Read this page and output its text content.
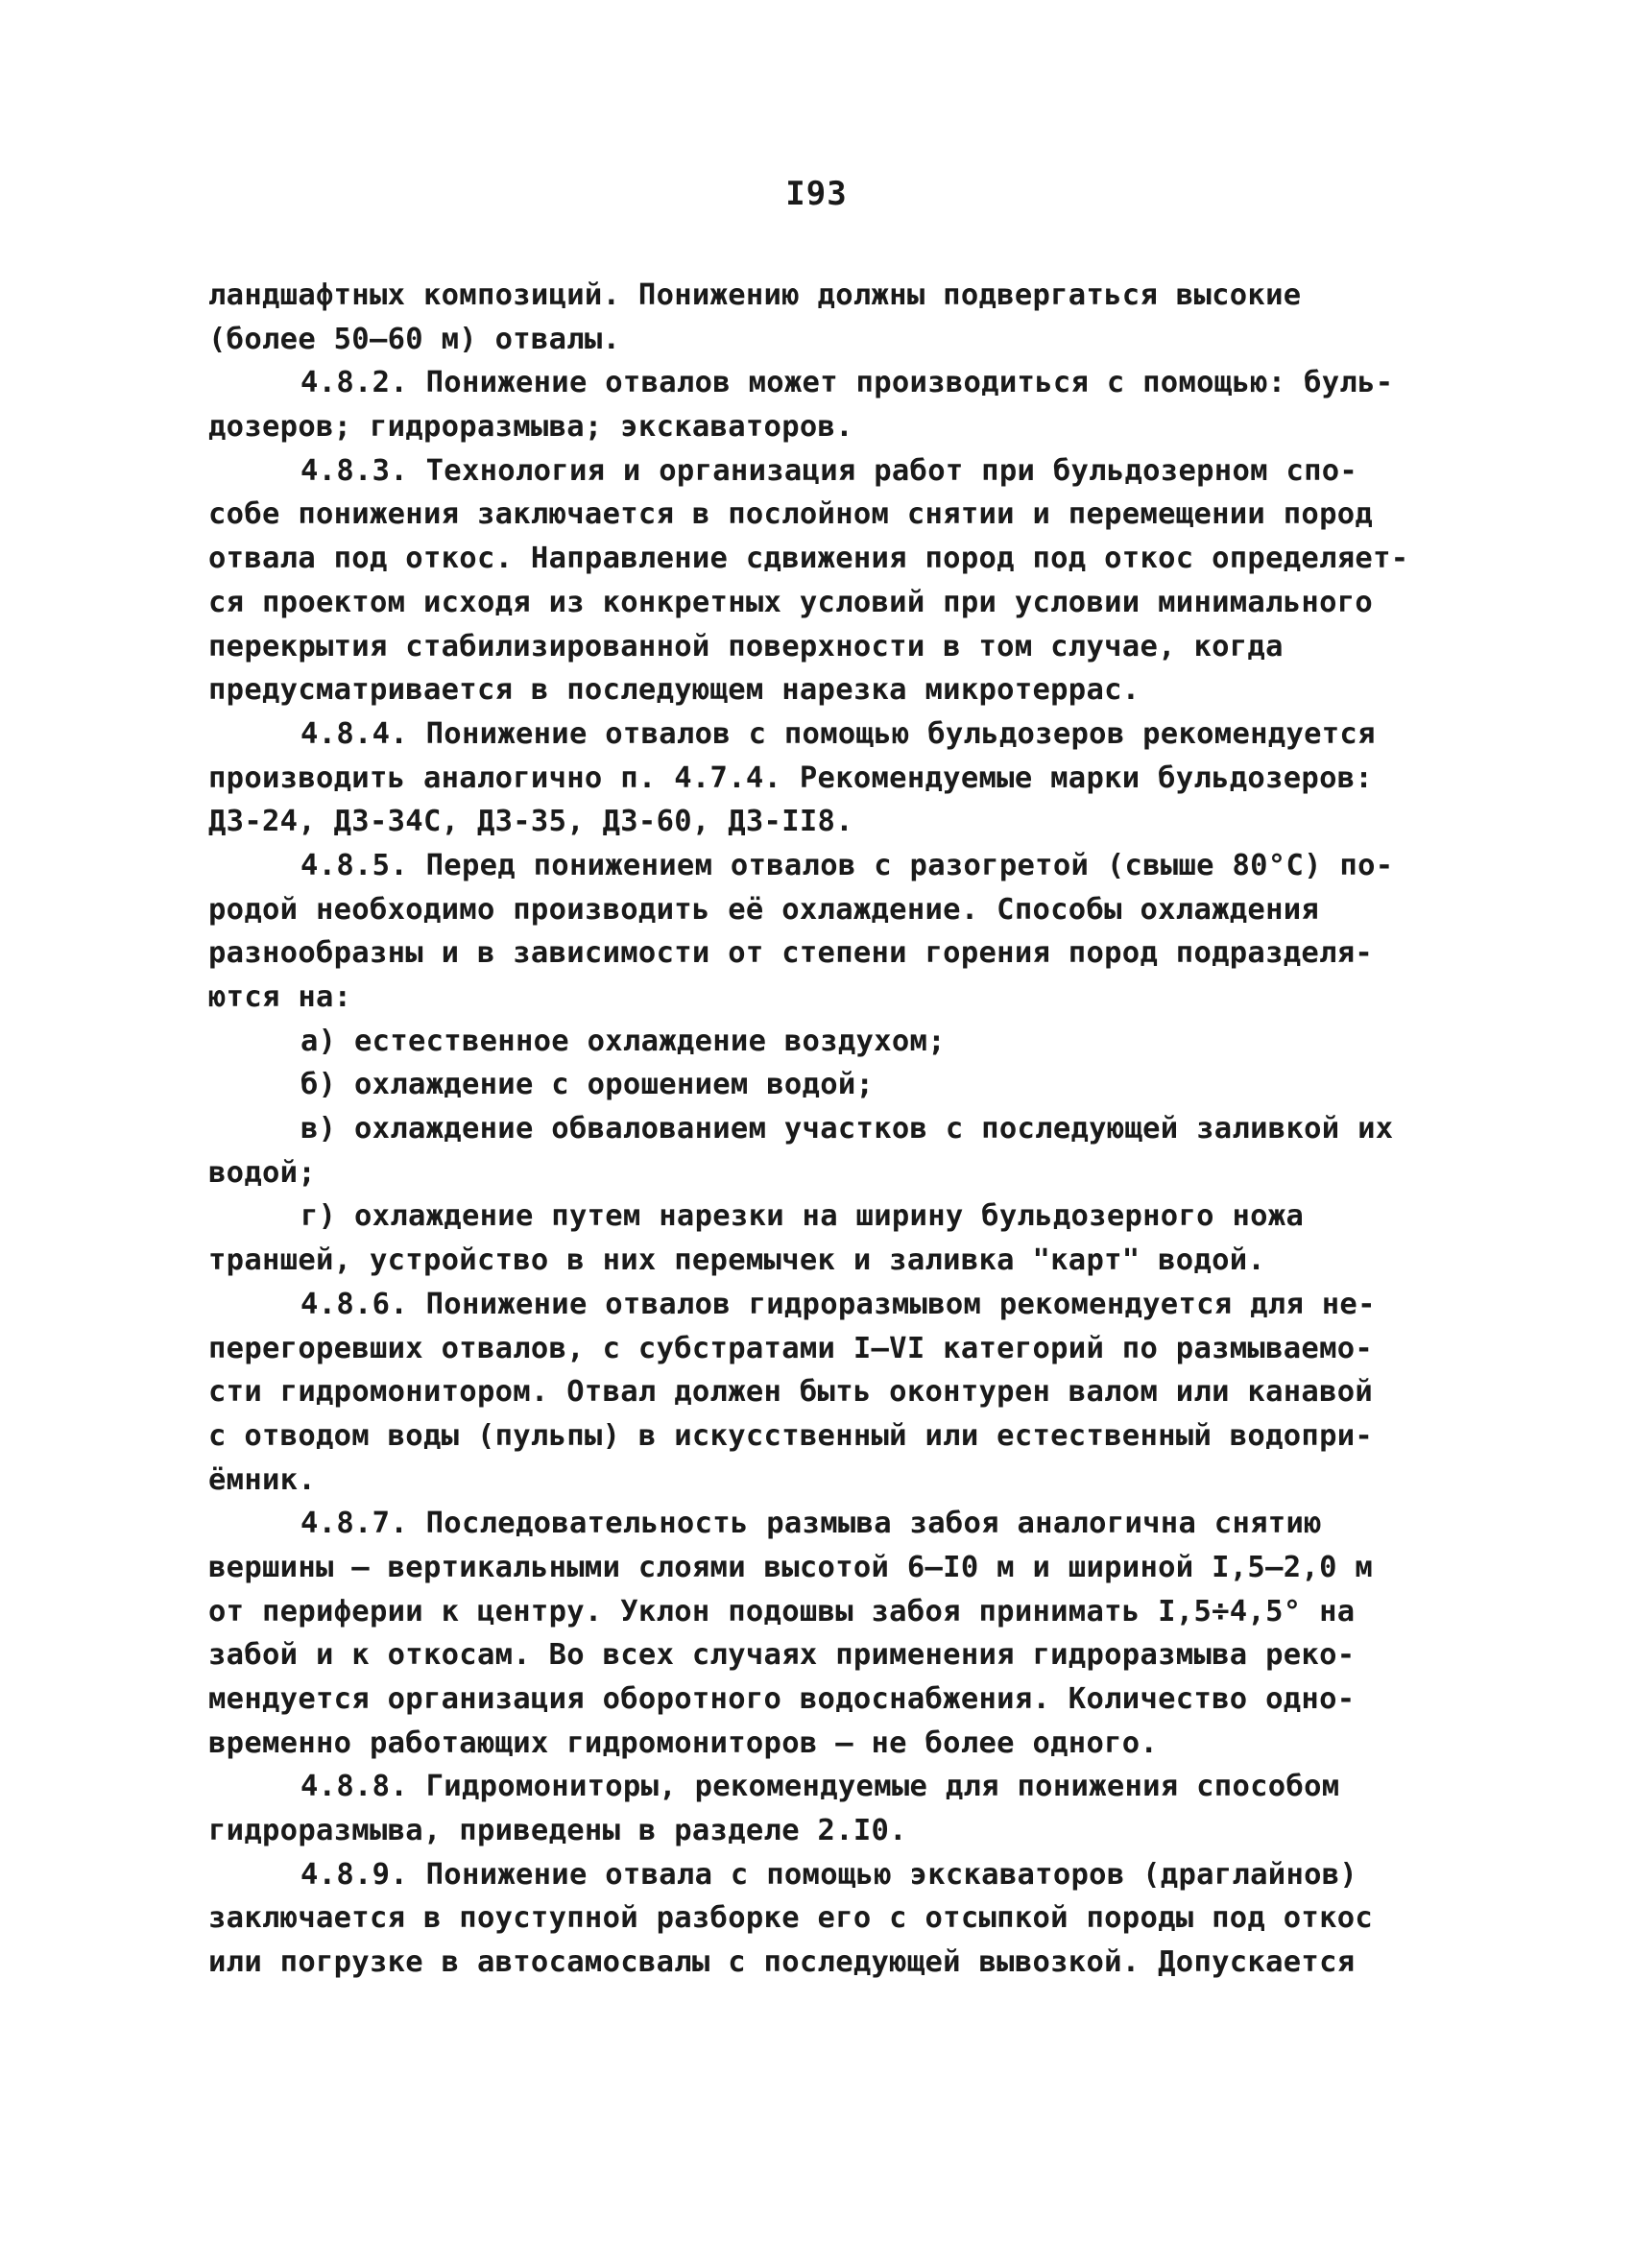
I93
ландшафтных композиций. Понижению должны подвергаться высокие
(более 50–60 м) отвалы.
4.8.2. Понижение отвалов может производиться с помощью: буль-
дозеров; гидроразмыва; экскаваторов.
4.8.3. Технология и организация работ при бульдозерном спо-
собе понижения заключается в послойном снятии и перемещении пород
отвала под откос. Направление сдвижения пород под откос определяет-
ся проектом исходя из конкретных условий при условии минимального
перекрытия стабилизированной поверхности в том случае, когда
предусматривается в последующем нарезка микротеррас.
4.8.4. Понижение отвалов с помощью бульдозеров рекомендуется
производить аналогично п. 4.7.4. Рекомендуемые марки бульдозеров:
ДЗ-24, ДЗ-34С, ДЗ-35, ДЗ-60, ДЗ-II8.
4.8.5. Перед понижением отвалов с разогретой (свыше 80°С) по-
родой необходимо производить её охлаждение. Способы охлаждения
разнообразны и в зависимости от степени горения пород подразделя-
ются на:
а) естественное охлаждение воздухом;
б) охлаждение с орошением водой;
в) охлаждение обвалованием участков с последующей заливкой их
водой;
г) охлаждение путем нарезки на ширину бульдозерного ножа
траншей, устройство в них перемычек и заливка "карт" водой.
4.8.6. Понижение отвалов гидроразмывом рекомендуется для не-
перегоревших отвалов, с субстратами I–VI категорий по размываемо-
сти гидромонитором. Отвал должен быть оконтурен валом или канавой
с отводом воды (пульпы) в искусственный или естественный водопри-
ёмник.
4.8.7. Последовательность размыва забоя аналогична снятию
вершины – вертикальными слоями высотой 6–I0 м и шириной I,5–2,0 м
от периферии к центру. Уклон подошвы забоя принимать I,5÷4,5° на
забой и к откосам. Во всех случаях применения гидроразмыва реко-
мендуется организация оборотного водоснабжения. Количество одно-
временно работающих гидромониторов – не более одного.
4.8.8. Гидромониторы, рекомендуемые для понижения способом
гидроразмыва, приведены в разделе 2.I0.
4.8.9. Понижение отвала с помощью экскаваторов (драглайнов)
заключается в поуступной разборке его с отсыпкой породы под откос
или погрузке в автосамосвалы с последующей вывозкой. Допускается
